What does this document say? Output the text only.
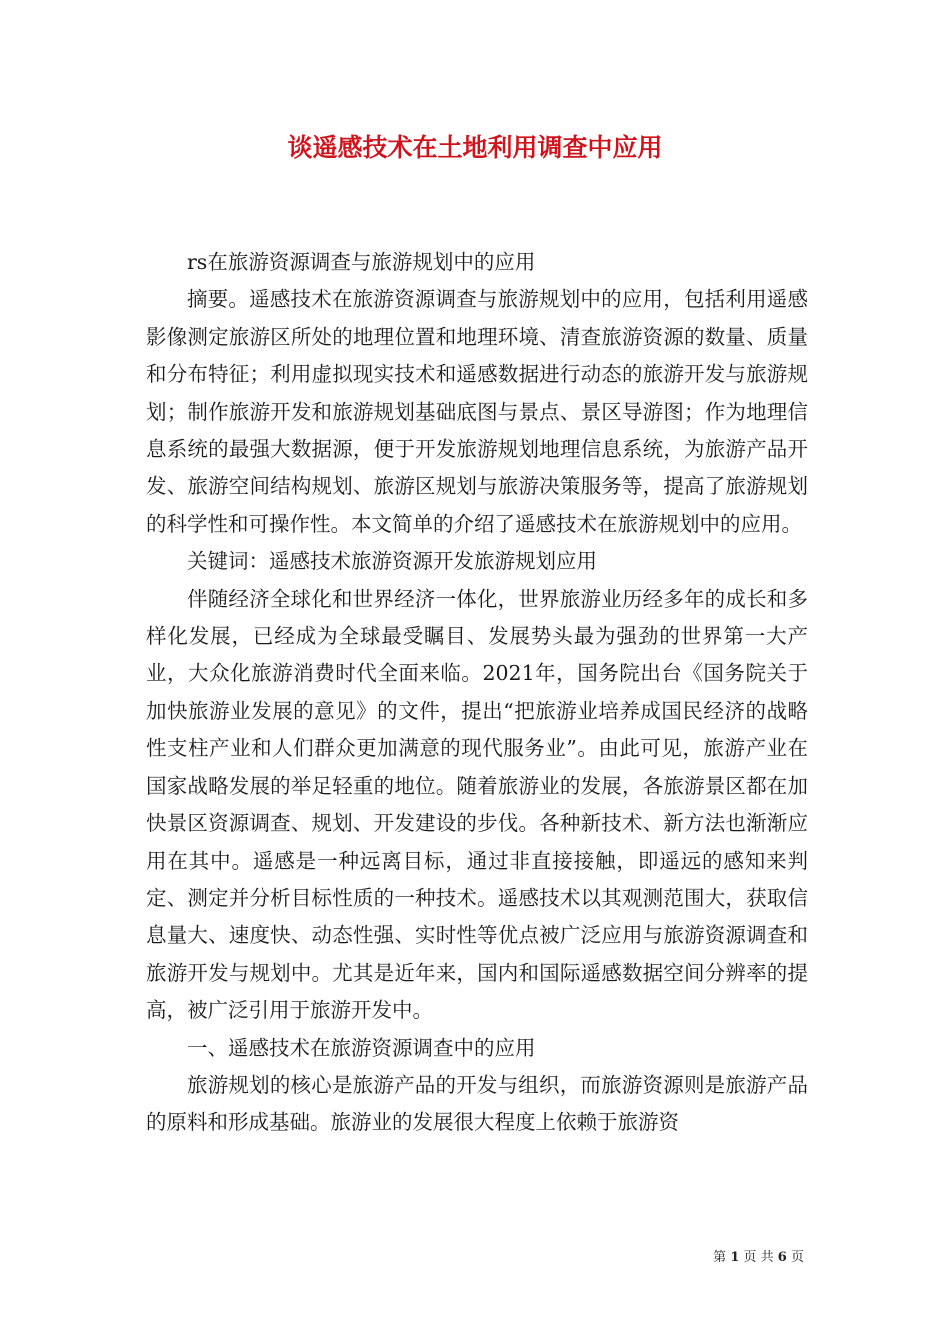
谈遥感技术在土地利用调查中应用

rs在旅游资源调查与旅游规划中的应用

摘要。遥感技术在旅游资源调查与旅游规划中的应用，包括利用遥感影像测定旅游区所处的地理位置和地理环境、清查旅游资源的数量、质量和分布特征；利用虚拟现实技术和遥感数据进行动态的旅游开发与旅游规划；制作旅游开发和旅游规划基础底图与景点、景区导游图；作为地理信息系统的最强大数据源，便于开发旅游规划地理信息系统，为旅游产品开发、旅游空间结构规划、旅游区规划与旅游决策服务等，提高了旅游规划的科学性和可操作性。本文简单的介绍了遥感技术在旅游规划中的应用。

关键词：遥感技术旅游资源开发旅游规划应用

伴随经济全球化和世界经济一体化，世界旅游业历经多年的成长和多样化发展，已经成为全球最受瞩目、发展势头最为强劲的世界第一大产业，大众化旅游消费时代全面来临。2021年，国务院出台《国务院关于加快旅游业发展的意见》的文件，提出“把旅游业培养成国民经济的战略性支柱产业和人们群众更加满意的现代服务业”。由此可见，旅游产业在国家战略发展的举足轻重的地位。随着旅游业的发展，各旅游景区都在加快景区资源调查、规划、开发建设的步伐。各种新技术、新方法也渐渐应用在其中。遥感是一种远离目标，通过非直接接触，即遥远的感知来判定、测定并分析目标性质的一种技术。遥感技术以其观测范围大，获取信息量大、速度快、动态性强、实时性等优点被广泛应用与旅游资源调查和旅游开发与规划中。尤其是近年来，国内和国际遥感数据空间分辨率的提高，被广泛引用于旅游开发中。

一、遥感技术在旅游资源调查中的应用

旅游规划的核心是旅游产品的开发与组织，而旅游资源则是旅游产品的原料和形成基础。旅游业的发展很大程度上依赖于旅游资

第 1 页 共 6 页
